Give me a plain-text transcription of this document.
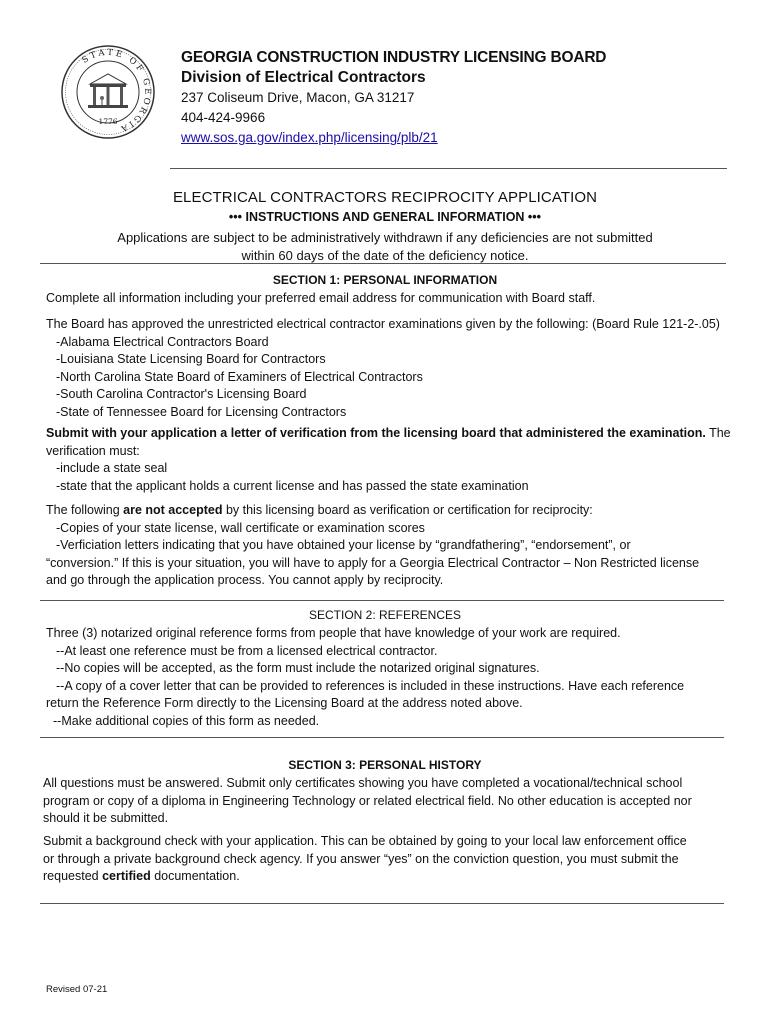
STATE OF GEORGIA
1776
GEORGIA CONSTRUCTION INDUSTRY LICENSING BOARD
Division of Electrical Contractors
237 Coliseum Drive, Macon, GA 31217
404-424-9966
www.sos.ga.gov/index.php/licensing/plb/21
ELECTRICAL CONTRACTORS RECIPROCITY APPLICATION
••• INSTRUCTIONS AND GENERAL INFORMATION •••
Applications are subject to be administratively withdrawn if any deficiencies are not submitted
within 60 days of the date of the deficiency notice.
SECTION 1: PERSONAL INFORMATION
Complete all information including your preferred email address for communication with Board staff.
The Board has approved the unrestricted electrical contractor examinations given by the following: (Board Rule 121-2-.05)
-Alabama Electrical Contractors Board
-Louisiana State Licensing Board for Contractors
-North Carolina State Board of Examiners of Electrical Contractors
-South Carolina Contractor's Licensing Board
-State of Tennessee Board for Licensing Contractors
Submit with your application a letter of verification from the licensing board that administered the examination. The
verification must:
-include a state seal
-state that the applicant holds a current license and has passed the state examination
The following are not accepted by this licensing board as verification or certification for reciprocity:
-Copies of your state license, wall certificate or examination scores
-Verficiation letters indicating that you have obtained your license by “grandfathering”, “endorsement”, or
“conversion.” If this is your situation, you will have to apply for a Georgia Electrical Contractor – Non Restricted license
and go through the application process. You cannot apply by reciprocity.
SECTION 2: REFERENCES
Three (3) notarized original reference forms from people that have knowledge of your work are required.
--At least one reference must be from a licensed electrical contractor.
--No copies will be accepted, as the form must include the notarized original signatures.
--A copy of a cover letter that can be provided to references is included in these instructions. Have each reference
return the Reference Form directly to the Licensing Board at the address noted above.
--Make additional copies of this form as needed.
SECTION 3: PERSONAL HISTORY
All questions must be answered. Submit only certificates showing you have completed a vocational/technical school
program or copy of a diploma in Engineering Technology or related electrical field. No other education is accepted nor
should it be submitted.
Submit a background check with your application. This can be obtained by going to your local law enforcement office
or through a private background check agency. If you answer “yes” on the conviction question, you must submit the
requested certified documentation.
Revised 07-21
